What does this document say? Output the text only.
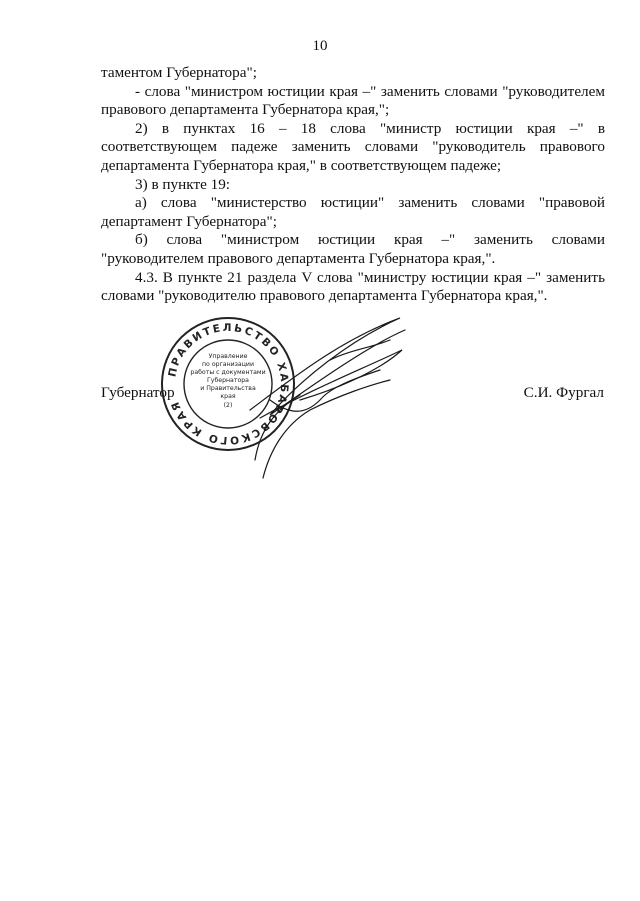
10

таментом Губернатора";

- слова "министром юстиции края –" заменить словами "руководителем правового департамента Губернатора края,";

2) в пунктах 16 – 18 слова "министр юстиции края –" в соответствующем падеже заменить словами "руководитель правового департамента Губернатора края," в соответствующем падеже;

3) в пункте 19:

а) слова "министерство юстиции" заменить словами "правовой департамент Губернатора";

б) слова "министром юстиции края –" заменить словами "руководителем правового департамента Губернатора края,".

4.3. В пункте 21 раздела V слова "министру юстиции края –" заменить словами "руководителю правового департамента Губернатора края,".

Губернатор	С.И. Фургал
ПРАВИТЕЛЬСТВО ХАБАРОВСКОГО КРАЯ
Управление
по организации
работы с документами
Губернатора
и Правительства
края
(2)
